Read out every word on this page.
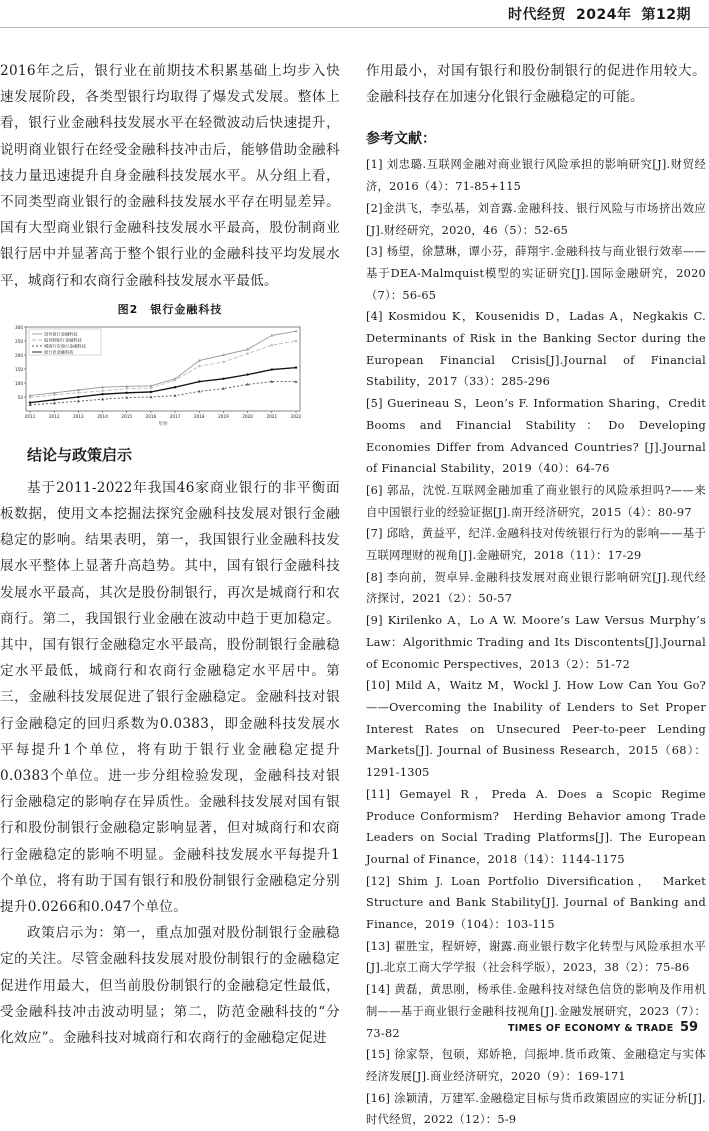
时代经贸 2024年 第12期

2016年之后，银行业在前期技术积累基础上均步入快速发展阶段，各类型银行均取得了爆发式发展。整体上看，银行业金融科技发展水平在轻微波动后快速提升，说明商业银行在经受金融科技冲击后，能够借助金融科技力量迅速提升自身金融科技发展水平。从分组上看，不同类型商业银行的金融科技发展水平存在明显差异。国有大型商业银行金融科技发展水平最高，股份制商业银行居中并显著高于整个银行业的金融科技平均发展水平，城商行和农商行金融科技发展水平最低。

图2　银行金融科技
50
100
150
200
250
300
2011	2012	2013	2014	2015	2016	2017	2018	2019	2020	2021	2022
年份
国有银行金融科技
股份制银行金融科技
城商行农商行金融科技
银行业金融科技
结论与政策启示

基于2011-2022年我国46家商业银行的非平衡面板数据，使用文本挖掘法探究金融科技发展对银行金融稳定的影响。结果表明，第一，我国银行业金融科技发展水平整体上显著升高趋势。其中，国有银行金融科技发展水平最高，其次是股份制银行，再次是城商行和农商行。第二，我国银行业金融在波动中趋于更加稳定。其中，国有银行金融稳定水平最高，股份制银行金融稳定水平最低，城商行和农商行金融稳定水平居中。第三，金融科技发展促进了银行金融稳定。金融科技对银行金融稳定的回归系数为0.0383，即金融科技发展水平每提升1个单位，将有助于银行业金融稳定提升0.0383个单位。进一步分组检验发现，金融科技对银行金融稳定的影响存在异质性。金融科技发展对国有银行和股份制银行金融稳定影响显著，但对城商行和农商行金融稳定的影响不明显。金融科技发展水平每提升1个单位，将有助于国有银行和股份制银行金融稳定分别提升0.0266和0.047个单位。

政策启示为：第一，重点加强对股份制银行金融稳定的关注。尽管金融科技发展对股份制银行的金融稳定促进作用最大，但当前股份制银行的金融稳定性最低，受金融科技冲击波动明显；第二，防范金融科技的“分化效应”。金融科技对城商行和农商行的金融稳定促进

作用最小，对国有银行和股份制银行的促进作用较大。金融科技存在加速分化银行金融稳定的可能。

参考文献：

[1] 刘忠璐.互联网金融对商业银行风险承担的影响研究[J].财贸经济，2016（4）：71-85+115

[2]金洪飞，李弘基，刘音露.金融科技、银行风险与市场挤出效应[J].财经研究，2020，46（5）：52-65

[3] 杨望，徐慧琳，谭小芬，薛翔宇.金融科技与商业银行效率——基于DEA-Malmquist模型的实证研究[J].国际金融研究，2020（7）：56-65

[4] Kosmidou K，Kousenidis D，Ladas A，Negkakis C. Determinants of Risk in the Banking Sector during the European Financial Crisis[J].Journal of Financial Stability，2017（33）：285-296

[5] Guerineau S，Leon’s F. Information Sharing，Credit Booms and Financial Stability：Do Developing Economies Differ from Advanced Countries? [J].Journal of Financial Stability，2019（40）：64-76

[6] 郭品，沈悦.互联网金融加重了商业银行的风险承担吗?——来自中国银行业的经验证据[J].南开经济研究，2015（4）：80-97

[7] 邱晗，黄益平，纪洋.金融科技对传统银行行为的影响——基于互联网理财的视角[J].金融研究，2018（11）：17-29

[8] 李向前，贺卓异.金融科技发展对商业银行影响研究[J].现代经济探讨，2021（2）：50-57

[9] Kirilenko A，Lo A W. Moore’s Law Versus Murphy’s Law：Algorithmic Trading and Its Discontents[J].Journal of Economic Perspectives，2013（2）：51-72

[10] Mild A，Waitz M，Wockl J. How Low Can You Go? ——Overcoming the Inability of Lenders to Set Proper Interest Rates on Unsecured Peer-to-peer Lending Markets[J]. Journal of Business Research，2015（68）：1291-1305

[11] Gemayel R，Preda A. Does a Scopic Regime Produce Conformism?　Herding Behavior among Trade Leaders on Social Trading Platforms[J]. The European Journal of Finance，2018（14）：1144-1175

[12] Shim J. Loan Portfolio Diversification，　Market Structure and Bank Stability[J]. Journal of Banking and Finance，2019（104）：103-115

[13] 翟胜宝，程妍婷，谢露.商业银行数字化转型与风险承担水平[J].北京工商大学学报（社会科学版），2023，38（2）：75-86

[14] 黄磊，黄思刚，杨承佳.金融科技对绿色信贷的影响及作用机制——基于商业银行金融科技视角[J].金融发展研究，2023（7）：73-82

[15] 徐家祭，包硕，郑娇艳，闫振坤.货币政策、金融稳定与实体经济发展[J].商业经济研究，2020（9）：169-171

[16] 涂颖清，万建军.金融稳定目标与货币政策固应的实证分析[J].时代经贸，2022（12）：5-9

TIMES OF ECONOMY & TRADE 59
